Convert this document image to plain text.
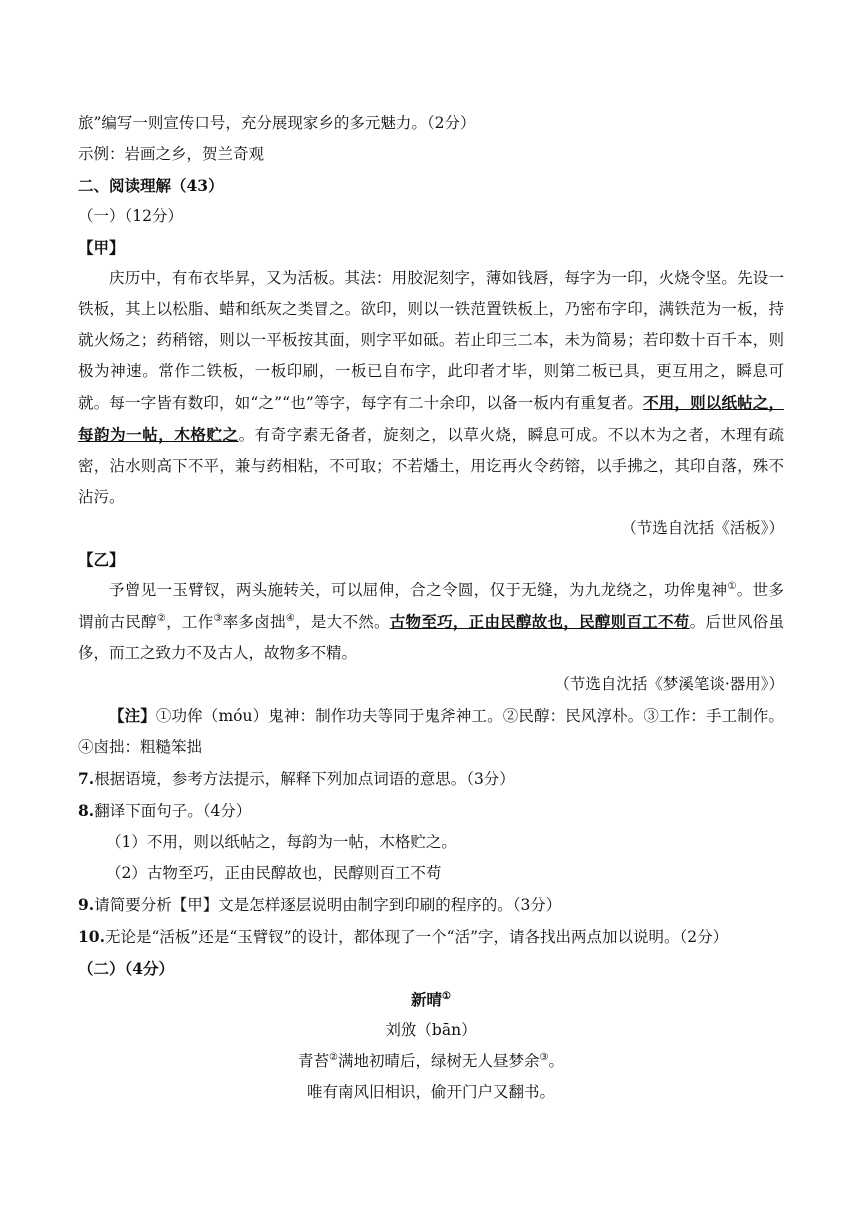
旅”编写一则宣传口号，充分展现家乡的多元魅力。（2分）
示例：岩画之乡，贺兰奇观
二、阅读理解（43）
（一）（12分）
【甲】

庆历中，有布衣毕昇，又为活板。其法：用胶泥刻字，薄如钱唇，每字为一印，火烧令坚。先设一铁板，其上以松脂、蜡和纸灰之类冒之。欲印，则以一铁范置铁板上，乃密布字印，满铁范为一板，持就火炀之；药稍镕，则以一平板按其面，则字平如砥。若止印三二本，未为简易；若印数十百千本，则极为神速。常作二铁板，一板印刷，一板已自布字，此印者才毕，则第二板已具，更互用之，瞬息可就。每一字皆有数印，如“之”“也”等字，每字有二十余印，以备一板内有重复者。不用，则以纸帖之，每韵为一帖，木格贮之。有奇字素无备者，旋刻之，以草火烧，瞬息可成。不以木为之者，木理有疏密，沾水则高下不平，兼与药相粘，不可取；不若燔土，用讫再火令药镕，以手拂之，其印自落，殊不沾污。

（节选自沈括《活板》）
【乙】

予曾见一玉臂钗，两头施转关，可以屈伸，合之令圆，仅于无缝，为九龙绕之，功侔鬼神①。世多谓前古民醇②，工作③率多卤拙④，是大不然。古物至巧，正由民醇故也，民醇则百工不苟。后世风俗虽侈，而工之致力不及古人，故物多不精。

（节选自沈括《梦溪笔谈·器用》）

【注】①功侔（móu）鬼神：制作功夫等同于鬼斧神工。②民醇：民风淳朴。③工作：手工制作。④卤拙：粗糙笨拙

7.根据语境，参考方法提示，解释下列加点词语的意思。（3分）
8.翻译下面句子。（4分）
（1）不用，则以纸帖之，每韵为一帖，木格贮之。
（2）古物至巧，正由民醇故也，民醇则百工不苟
9.请简要分析【甲】文是怎样逐层说明由制字到印刷的程序的。（3分）

10.无论是“活板”还是“玉臂钗”的设计，都体现了一个“活”字，请各找出两点加以说明。（2分）

（二）（4分）
新晴①
刘攽（bān）
青苔②满地初晴后，绿树无人昼梦余③。
唯有南风旧相识，偷开门户又翻书。
